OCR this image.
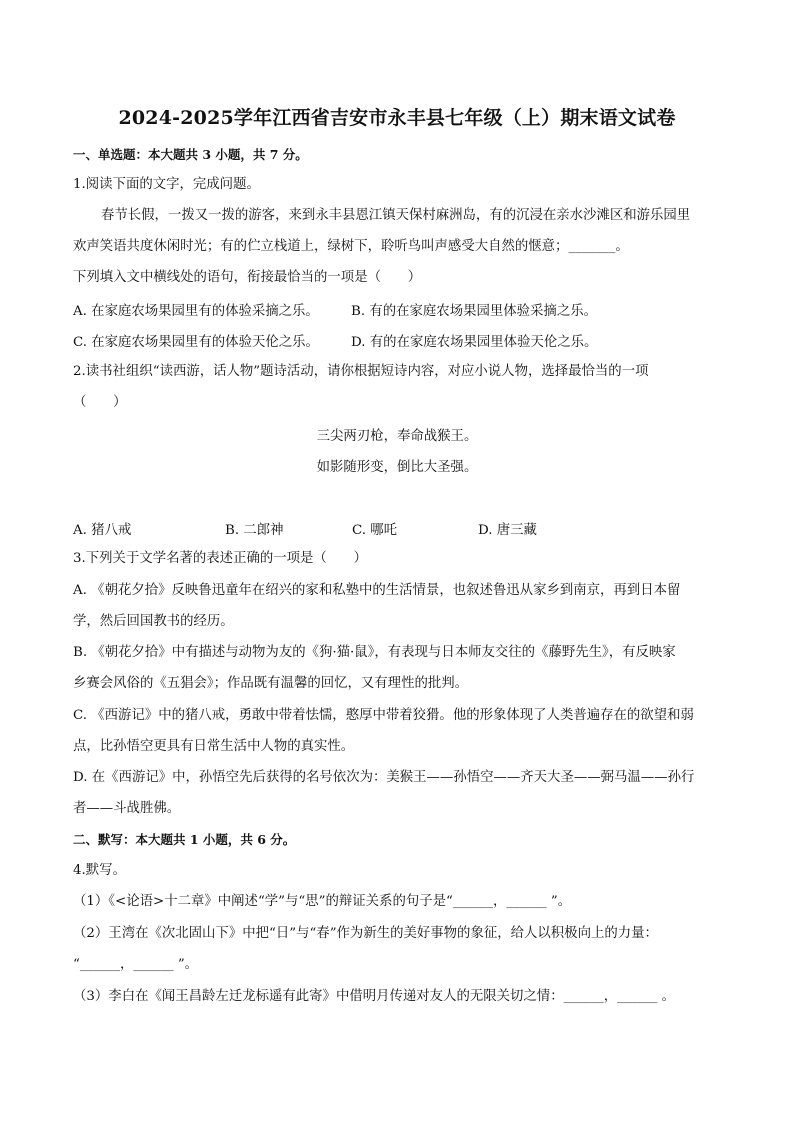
2024-2025学年江西省吉安市永丰县七年级（上）期末语文试卷
一、单选题：本大题共 3 小题，共 7 分。
1.阅读下面的文字，完成问题。
春节长假，一拨又一拨的游客，来到永丰县恩江镇天保村麻洲岛，有的沉浸在亲水沙滩区和游乐园里
欢声笑语共度休闲时光；有的伫立栈道上，绿树下，聆听鸟叫声感受大自然的惬意；_______。
下列填入文中横线处的语句，衔接最恰当的一项是（　　）
A. 在家庭农场果园里有的体验采摘之乐。 B. 有的在家庭农场果园里体验采摘之乐。
C. 在家庭农场果园里有的体验天伦之乐。 D. 有的在家庭农场果园里体验天伦之乐。
2.读书社组织“读西游，话人物”题诗活动，请你根据短诗内容，对应小说人物，选择最恰当的一项
（　　）
三尖两刃枪，奉命战猴王。
如影随形变，倒比大圣强。
A. 猪八戒	B. 二郎神	C. 哪吒	D. 唐三藏
3.下列关于文学名著的表述正确的一项是（　　）
A. 《朝花夕拾》反映鲁迅童年在绍兴的家和私塾中的生活情景，也叙述鲁迅从家乡到南京，再到日本留
学，然后回国教书的经历。
B. 《朝花夕拾》中有描述与动物为友的《狗·猫·鼠》，有表现与日本师友交往的《藤野先生》，有反映家
乡赛会风俗的《五猖会》；作品既有温馨的回忆，又有理性的批判。
C. 《西游记》中的猪八戒，勇敢中带着怯懦，憨厚中带着狡猾。他的形象体现了人类普遍存在的欲望和弱
点，比孙悟空更具有日常生活中人物的真实性。
D. 在《西游记》中，孙悟空先后获得的名号依次为：美猴王——孙悟空——齐天大圣——弼马温——孙行
者——斗战胜佛。
二、默写：本大题共 1 小题，共 6 分。
4.默写。
（1）《<论语>十二章》中阐述“学”与“思”的辩证关系的句子是“______，______ ”。
（2）王湾在《次北固山下》中把“日”与“春”作为新生的美好事物的象征，给人以积极向上的力量：
“______，______ ”。
（3）李白在《闻王昌龄左迁龙标遥有此寄》中借明月传递对友人的无限关切之情：______，______ 。
